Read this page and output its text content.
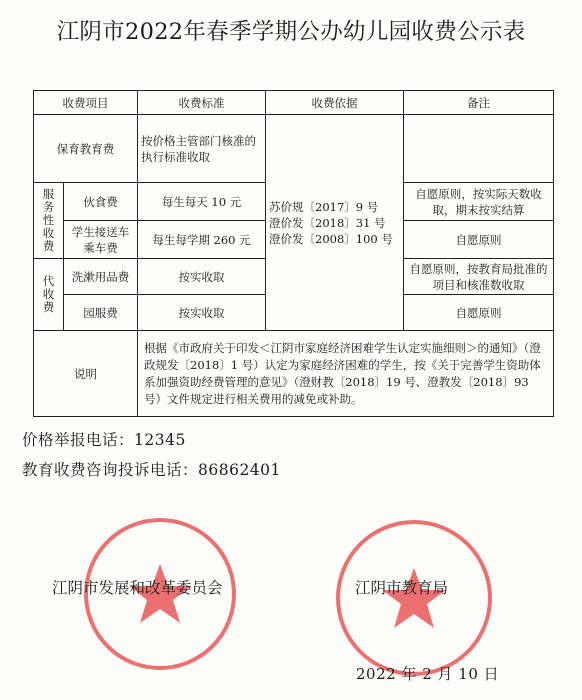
江阴市2022年春季学期公办幼儿园收费公示表
收费项目		收费标准	收费依据	备注
保育教育费		按价格主管部门核准的执行标准收取	苏价规〔2017〕9 号
澄价发〔2018〕31 号
澄价发〔2008〕100 号	

服务性收费	伙食费	每生每天 10 元		自愿原则，按实际天数收取，期末按实结算
	学生接送车乘车费	每生每学期 260 元		自愿原则

代收费	洗漱用品费	按实收取		自愿原则，按教育局批准的项目和核准数收取
	园服费	按实收取		自愿原则
说明		根据《市政府关于印发＜江阴市家庭经济困难学生认定实施细则＞的通知》（澄政规发〔2018〕1 号）认定为家庭经济困难的学生，按《关于完善学生资助体系加强资助经费管理的意见》（澄财教〔2018〕19 号、澄教发〔2018〕93 号）文件规定进行相关费用的减免或补助。		
价格举报电话：12345
教育收费咨询投诉电话：86862401
江阴市发展和改革委员会	江阴市教育局
2022 年 2 月 10 日
